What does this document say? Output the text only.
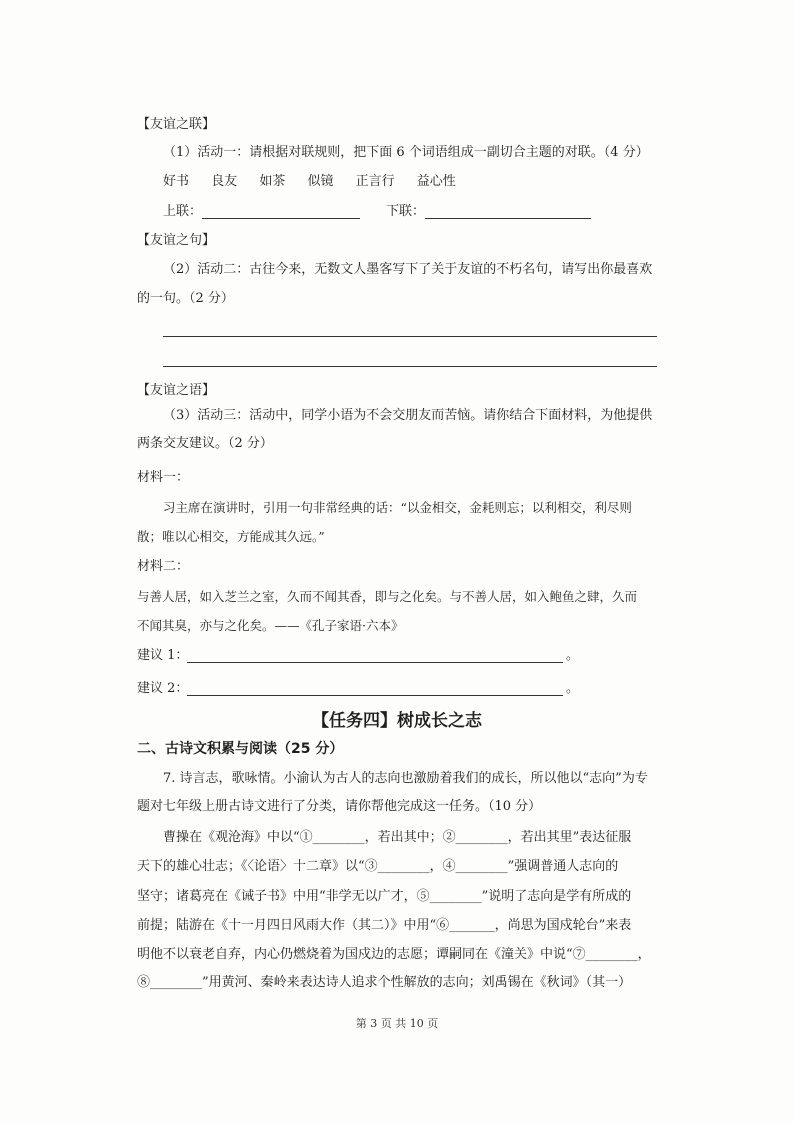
【友谊之联】
（1）活动一：请根据对联规则，把下面 6 个词语组成一副切合主题的对联。（4 分）
好书 良友 如茶 似镜 正言行 益心性
上联：	下联：
【友谊之句】
（2）活动二：古往今来，无数文人墨客写下了关于友谊的不朽名句，请写出你最喜欢
的一句。（2 分）
【友谊之语】
（3）活动三：活动中，同学小语为不会交朋友而苦恼。请你结合下面材料，为他提供
两条交友建议。（2 分）
材料一：
习主席在演讲时，引用一句非常经典的话：“以金相交，金耗则忘；以利相交，利尽则
散；唯以心相交，方能成其久远。”
材料二：
与善人居，如入芝兰之室，久而不闻其香，即与之化矣。与不善人居，如入鲍鱼之肆，久而
不闻其臭，亦与之化矣。——《孔子家语·六本》
建议 1：	。
建议 2：	。
【任务四】树成长之志
二、古诗文积累与阅读（25 分）
7. 诗言志，歌咏情。小渝认为古人的志向也激励着我们的成长，所以他以“志向”为专
题对七年级上册古诗文进行了分类，请你帮他完成这一任务。（10 分）
曹操在《观沧海》中以“①________，若出其中；②________，若出其里”表达征服
天下的雄心壮志；《〈论语〉十二章》以“③________，④________”强调普通人志向的
坚守；诸葛亮在《诫子书》中用“非学无以广才，⑤________”说明了志向是学有所成的
前提；陆游在《十一月四日风雨大作（其二）》中用“⑥_______，尚思为国戍轮台”来表
明他不以衰老自弃，内心仍燃烧着为国戍边的志愿；谭嗣同在《潼关》中说“⑦________，
⑧________”用黄河、秦岭来表达诗人追求个性解放的志向；刘禹锡在《秋词》（其一）
第 3 页 共 10 页
